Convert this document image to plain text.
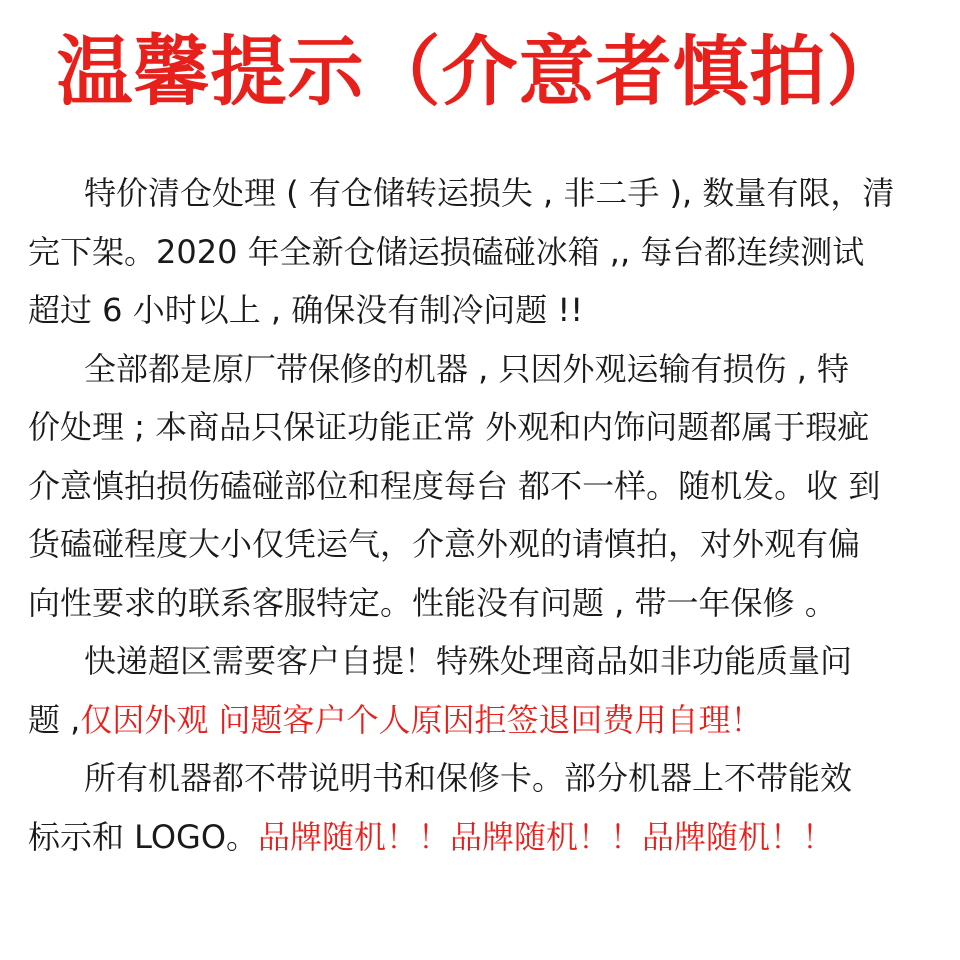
温馨提示（介意者慎拍）
特价清仓处理 ( 有仓储转运损失 , 非二手 ), 数量有限，清
完下架。2020 年全新仓储运损磕碰冰箱 ,, 每台都连续测试
超过 6 小时以上 , 确保没有制冷问题 !!
全部都是原厂带保修的机器 , 只因外观运输有损伤 , 特
价处理 ; 本商品只保证功能正常 外观和内饰问题都属于瑕疵
介意慎拍损伤磕碰部位和程度每台 都不一样。随机发。收 到
货磕碰程度大小仅凭运气，介意外观的请慎拍，对外观有偏
向性要求的联系客服特定。性能没有问题 , 带一年保修 。
快递超区需要客户自提！特殊处理商品如非功能质量问
题 ,仅因外观 问题客户个人原因拒签退回费用自理！
所有机器都不带说明书和保修卡。部分机器上不带能效
标示和 LOGO。品牌随机！！品牌随机！！品牌随机！！
